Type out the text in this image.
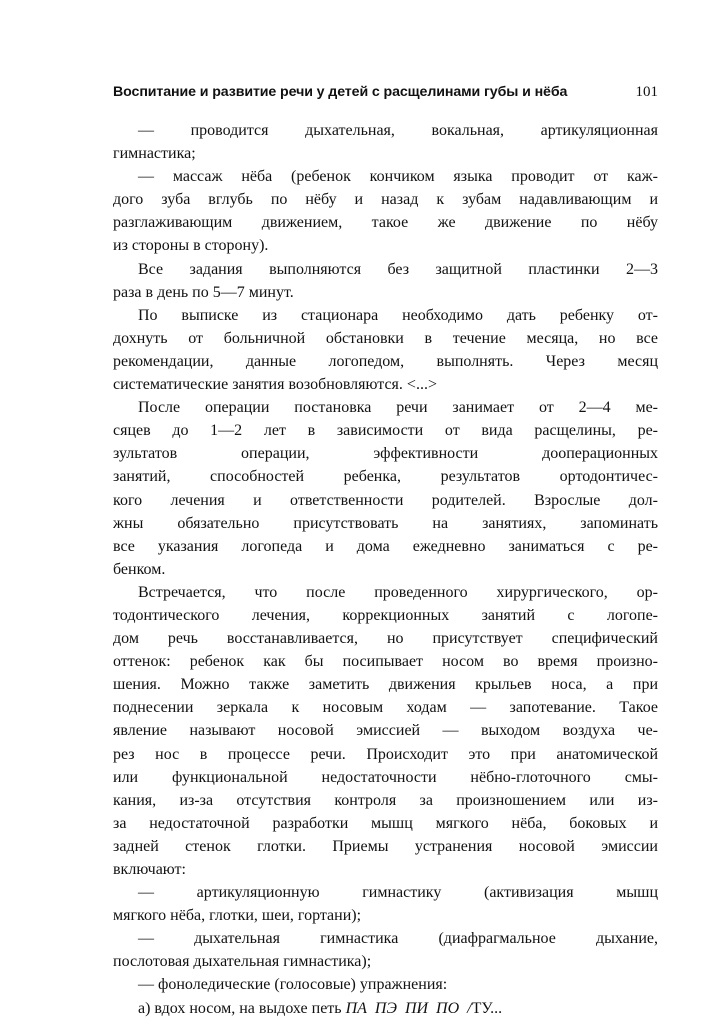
Воспитание и развитие речи у детей с расщелинами губы и нёба	101
— проводится дыхательная, вокальная, артикуляционная
гимнастика;
— массаж нёба (ребенок кончиком языка проводит от каж-
дого зуба вглубь по нёбу и назад к зубам надавливающим и
разглаживающим движением, такое же движение по нёбу
из стороны в сторону).
Все задания выполняются без защитной пластинки 2—3
раза в день по 5—7 минут.
По выписке из стационара необходимо дать ребенку от-
дохнуть от больничной обстановки в течение месяца, но все
рекомендации, данные логопедом, выполнять. Через месяц
систематические занятия возобновляются. <...>
После операции постановка речи занимает от 2—4 ме-
сяцев до 1—2 лет в зависимости от вида расщелины, ре-
зультатов операции, эффективности дооперационных
занятий, способностей ребенка, результатов ортодонтичес-
кого лечения и ответственности родителей. Взрослые дол-
жны обязательно присутствовать на занятиях, запоминать
все указания логопеда и дома ежедневно заниматься с ре-
бенком.
Встречается, что после проведенного хирургического, ор-
тодонтического лечения, коррекционных занятий с логопе-
дом речь восстанавливается, но присутствует специфический
оттенок: ребенок как бы посипывает носом во время произно-
шения. Можно также заметить движения крыльев носа, а при
поднесении зеркала к носовым ходам — запотевание. Такое
явление называют носовой эмиссией — выходом воздуха че-
рез нос в процессе речи. Происходит это при анатомической
или функциональной недостаточности нёбно-глоточного смы-
кания, из-за отсутствия контроля за произношением или из-
за недостаточной разработки мышц мягкого нёба, боковых и
задней стенок глотки. Приемы устранения носовой эмиссии
включают:
— артикуляционную гимнастику (активизация мышц
мягкого нёба, глотки, шеи, гортани);
— дыхательная гимнастика (диафрагмальное дыхание,
послотовая дыхательная гимнастика);
— фоноледические (голосовые) упражнения:
а) вдох носом, на выдохе петь ПА ПЭ ПИ ПО /ТУ...
